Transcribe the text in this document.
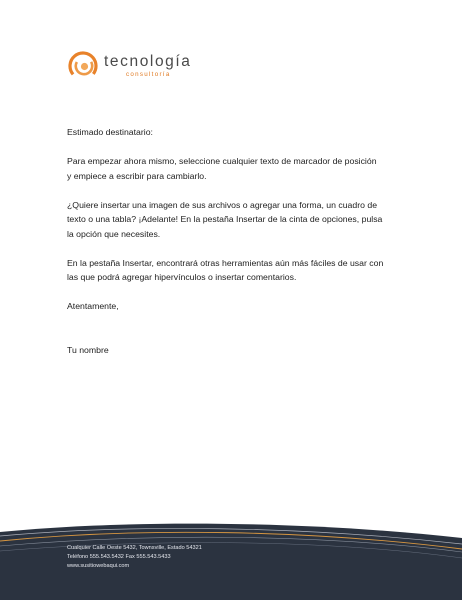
tecnología
consultoría

Estimado destinatario:

Para empezar ahora mismo, seleccione cualquier texto de marcador de posición
y empiece a escribir para cambiarlo.

¿Quiere insertar una imagen de sus archivos o agregar una forma, un cuadro de
texto o una tabla? ¡Adelante! En la pestaña Insertar de la cinta de opciones, pulsa
la opción que necesites.

En la pestaña Insertar, encontrará otras herramientas aún más fáciles de usar con
las que podrá agregar hipervínculos o insertar comentarios.

Atentamente,

Tu nombre

Cualquier Calle Oeste 5432, Townsville, Estado 54321
Teléfono 555.543.5432 Fax 555.543.5433
www.susitiowebaqui.com
